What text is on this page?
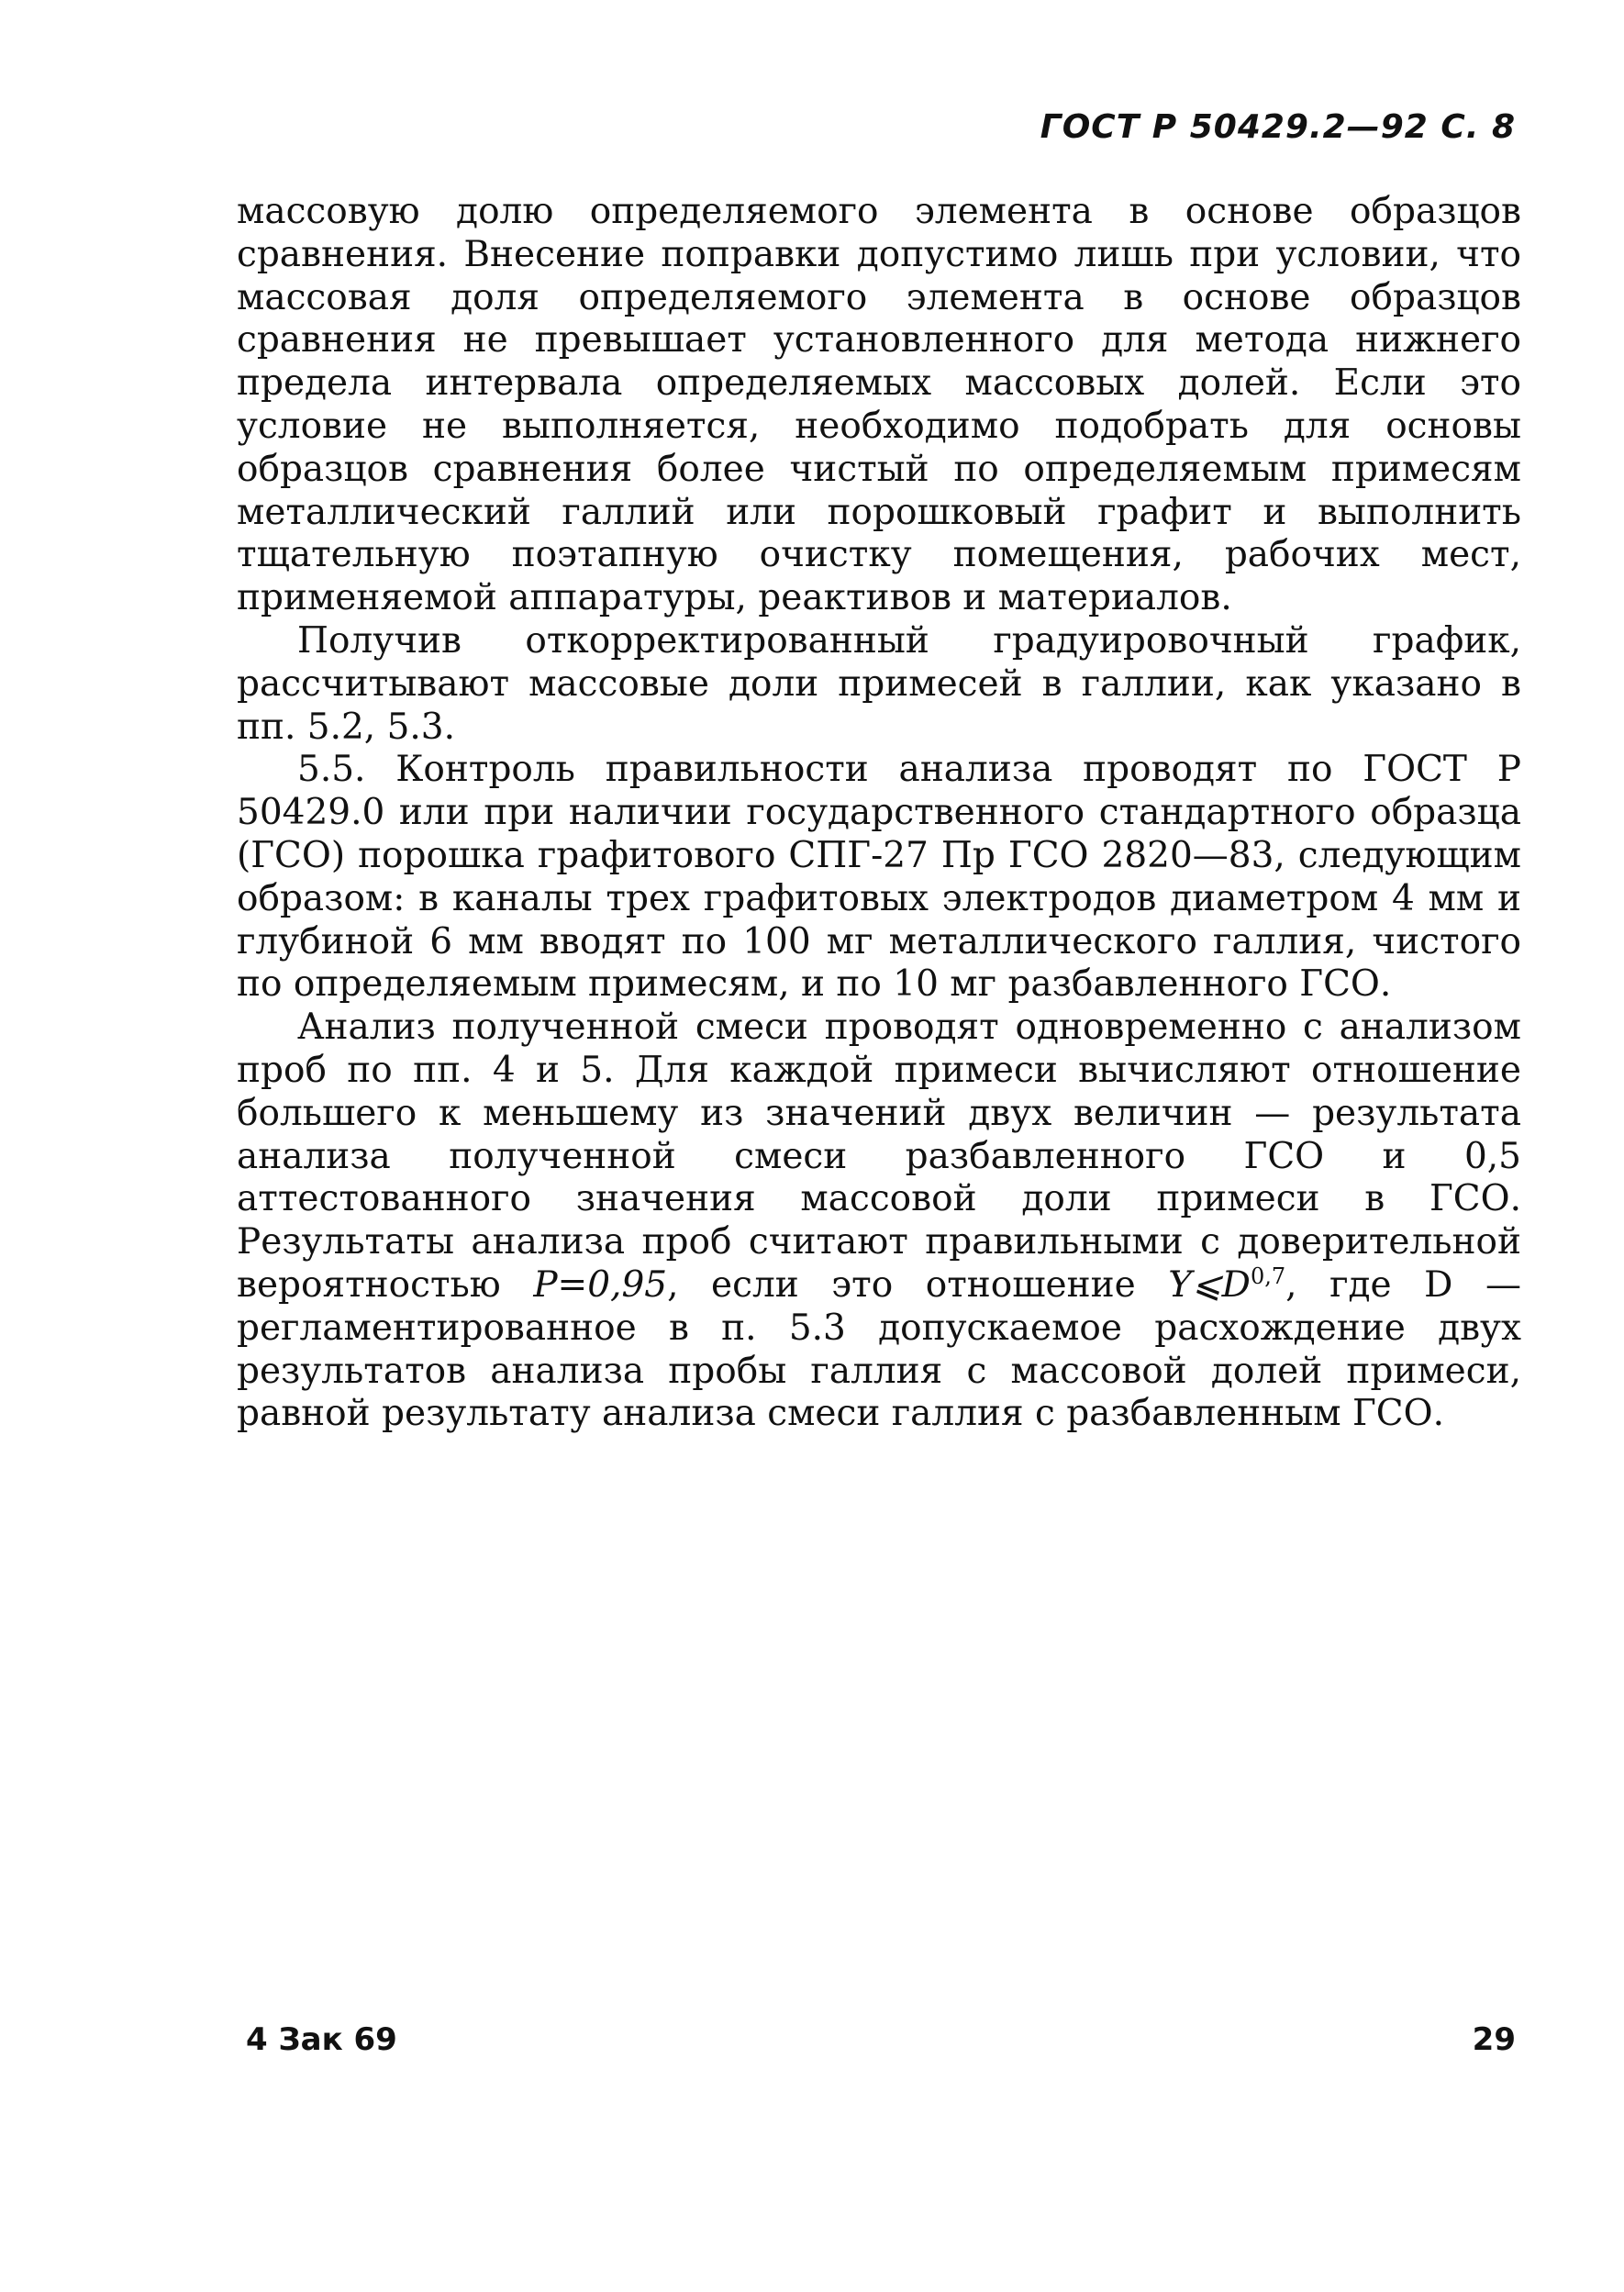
ГОСТ Р 50429.2—92 С. 8

массовую долю определяемого элемента в основе образцов сравнения. Внесение поправки допустимо лишь при условии, что массовая доля определяемого элемента в основе образцов сравнения не превышает установленного для метода нижнего предела интервала определяемых массовых долей. Если это условие не выполняется, необходимо подобрать для основы образцов сравнения более чистый по определяемым примесям металлический галлий или порошковый графит и выполнить тщательную поэтапную очистку помещения, рабочих мест, применяемой аппаратуры, реактивов и материалов.

Получив откорректированный градуировочный график, рассчитывают массовые доли примесей в галлии, как указано в пп. 5.2, 5.3.

5.5. Контроль правильности анализа проводят по ГОСТ Р 50429.0 или при наличии государственного стандартного образца (ГСО) порошка графитового СПГ-27 Пр ГСО 2820—83, следующим образом: в каналы трех графитовых электродов диаметром 4 мм и глубиной 6 мм вводят по 100 мг металлического галлия, чистого по определяемым примесям, и по 10 мг разбавленного ГСО.

Анализ полученной смеси проводят одновременно с анализом проб по пп. 4 и 5. Для каждой примеси вычисляют отношение большего к меньшему из значений двух величин — результата анализа полученной смеси разбавленного ГСО и 0,5 аттестованного значения массовой доли примеси в ГСО. Результаты анализа проб считают правильными с доверительной вероятностью P=0,95, если это отношение $Y⩽D^{0,7}$, где D — регламентированное в п. 5.3 допускаемое расхождение двух результатов анализа пробы галлия с массовой долей примеси, равной результату анализа смеси галлия с разбавленным ГСО.

4 Зак 69	29
